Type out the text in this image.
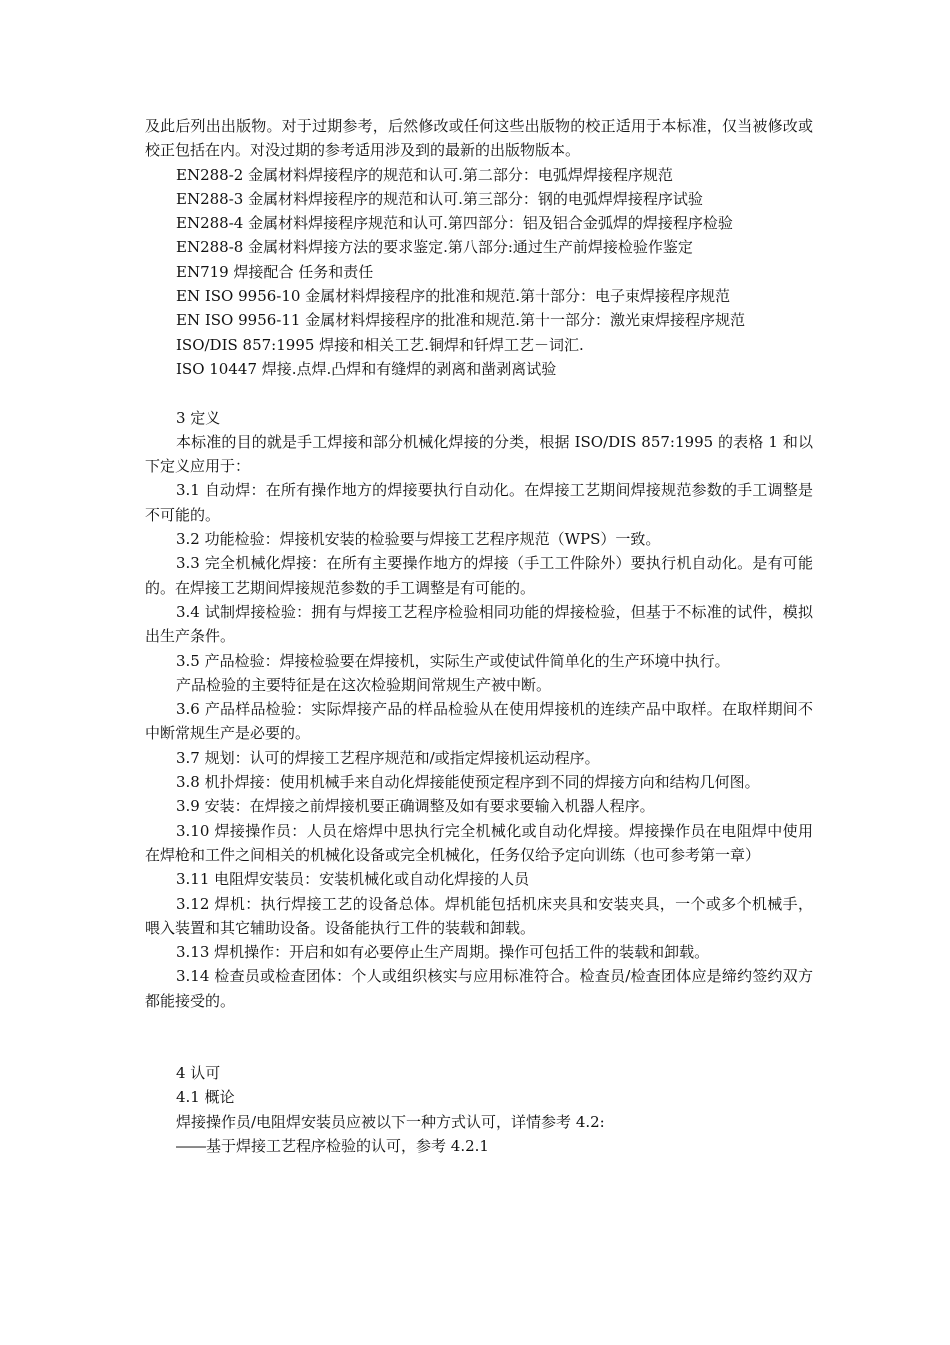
及此后列出出版物。对于过期参考，后然修改或任何这些出版物的校正适用于本标准，仅当被修改或校正包括在内。对没过期的参考适用涉及到的最新的出版物版本。

EN288-2 金属材料焊接程序的规范和认可.第二部分：电弧焊焊接程序规范

EN288-3 金属材料焊接程序的规范和认可.第三部分：钢的电弧焊焊接程序试验

EN288-4 金属材料焊接程序规范和认可.第四部分：铝及铝合金弧焊的焊接程序检验

EN288-8 金属材料焊接方法的要求鉴定.第八部分:通过生产前焊接检验作鉴定

EN719 焊接配合 任务和责任

EN ISO 9956-10 金属材料焊接程序的批准和规范.第十部分：电子束焊接程序规范

EN ISO 9956-11 金属材料焊接程序的批准和规范.第十一部分：激光束焊接程序规范

ISO/DIS 857:1995 焊接和相关工艺.铜焊和钎焊工艺－词汇.

ISO 10447 焊接.点焊.凸焊和有缝焊的剥离和凿剥离试验

3 定义

本标准的目的就是手工焊接和部分机械化焊接的分类，根据 ISO/DIS 857:1995 的表格 1 和以下定义应用于：

3.1 自动焊：在所有操作地方的焊接要执行自动化。在焊接工艺期间焊接规范参数的手工调整是不可能的。

3.2 功能检验：焊接机安装的检验要与焊接工艺程序规范（WPS）一致。

3.3 完全机械化焊接：在所有主要操作地方的焊接（手工工件除外）要执行机自动化。是有可能的。在焊接工艺期间焊接规范参数的手工调整是有可能的。

3.4 试制焊接检验：拥有与焊接工艺程序检验相同功能的焊接检验，但基于不标准的试件，模拟出生产条件。

3.5 产品检验：焊接检验要在焊接机，实际生产或使试件简单化的生产环境中执行。

产品检验的主要特征是在这次检验期间常规生产被中断。

3.6 产品样品检验：实际焊接产品的样品检验从在使用焊接机的连续产品中取样。在取样期间不中断常规生产是必要的。

3.7 规划：认可的焊接工艺程序规范和/或指定焊接机运动程序。

3.8 机扑焊接：使用机械手来自动化焊接能使预定程序到不同的焊接方向和结构几何图。

3.9 安装：在焊接之前焊接机要正确调整及如有要求要输入机器人程序。

3.10 焊接操作员：人员在熔焊中思执行完全机械化或自动化焊接。焊接操作员在电阻焊中使用在焊枪和工件之间相关的机械化设备或完全机械化，任务仅给予定向训练（也可参考第一章）

3.11 电阻焊安装员：安装机械化或自动化焊接的人员

3.12 焊机：执行焊接工艺的设备总体。焊机能包括机床夹具和安装夹具，一个或多个机械手，喂入装置和其它辅助设备。设备能执行工件的装载和卸载。

3.13 焊机操作：开启和如有必要停止生产周期。操作可包括工件的装载和卸载。

3.14 检查员或检查团体：个人或组织核实与应用标准符合。检查员/检查团体应是缔约签约双方都能接受的。

4 认可

4.1 概论

焊接操作员/电阻焊安装员应被以下一种方式认可，详情参考 4.2:

――基于焊接工艺程序检验的认可，参考 4.2.1
